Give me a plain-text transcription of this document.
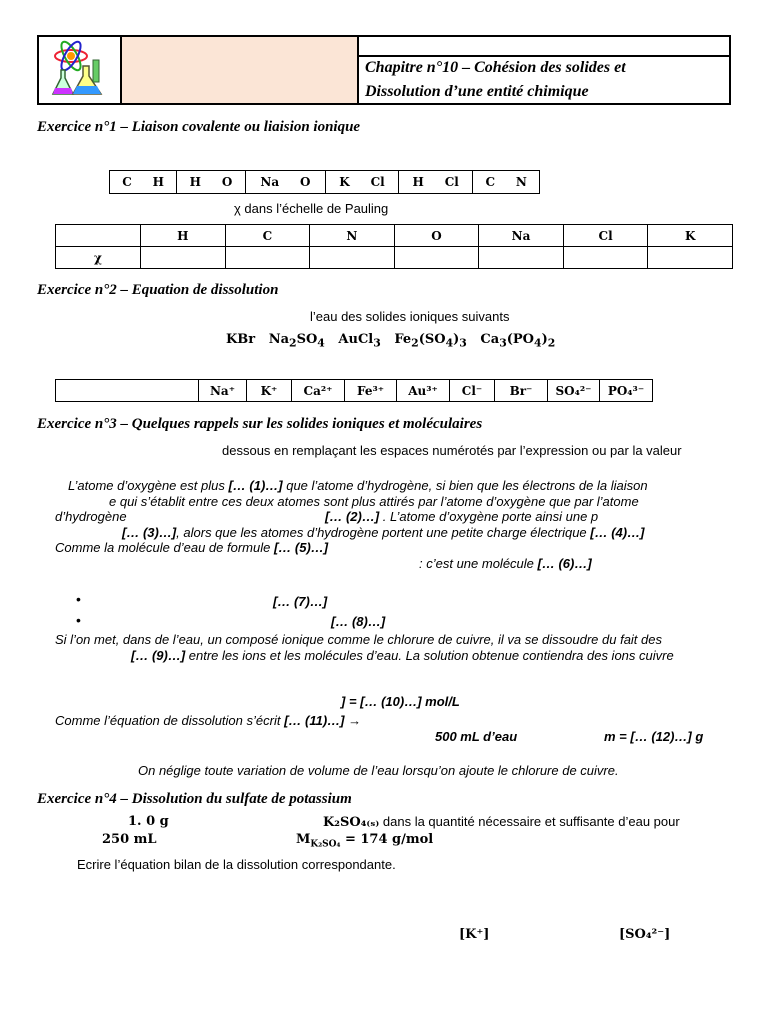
Chapitre n°10 – Cohésion des solides et
Dissolution d’une entité chimique
Exercice n°1 – Liaison covalente ou liaision ionique
C H	H O	Na O	K Cl	H Cl	C N
χ dans l’échelle de Pauling
	H	C	N	O	Na	Cl	K
χ							
Exercice n°2 – Equation de dissolution
l’eau des solides ioniques suivants
KBr   $Na_2SO_4$   AuCl$_3$   $Fe_2(SO_4)_3$   $Ca_3(PO_4)_2$
	Na⁺	K⁺	Ca²⁺	Fe³⁺	Au³⁺	Cl⁻	Br⁻	SO₄²⁻	PO₄³⁻
Exercice n°3 – Quelques rappels sur les solides ioniques et moléculaires
dessous en remplaçant les espaces numérotés par l’expression ou par la valeur
L’atome d’oxygène est plus [… (1)…] que l’atome d’hydrogène, si bien que les électrons de la liaison
e qui s’établit entre ces deux atomes sont plus attirés par l’atome d’oxygène que par l’atome
d’hydrogène	[… (2)…] . L’atome d’oxygène porte ainsi une p
[… (3)…], alors que les atomes d’hydrogène portent une petite charge électrique [… (4)…]
Comme la molécule d’eau de formule [… (5)…]
: c’est une molécule [… (6)…]
•	[… (7)…]
•	[… (8)…]
Si l’on met, dans de l’eau, un composé ionique comme le chlorure de cuivre, il va se dissoudre du fait des
[… (9)…] entre les ions et les molécules d’eau. La solution obtenue contiendra des ions cuivre
] = [… (10)…] mol/L
Comme l’équation de dissolution s’écrit [… (11)…] →
500 mL d’eau	m = [… (12)…] g
On néglige toute variation de volume de l’eau lorsqu’on ajoute le chlorure de cuivre.
Exercice n°4 – Dissolution du sulfate de potassium
1. 0 g	K₂SO₄₍ₛ₎ dans la quantité nécessaire et suffisante d’eau pour
250 mL	$M_{K_2SO_4} = 174$ g/mol
Ecrire l’équation bilan de la dissolution correspondante.
[K⁺]	[SO₄²⁻]
